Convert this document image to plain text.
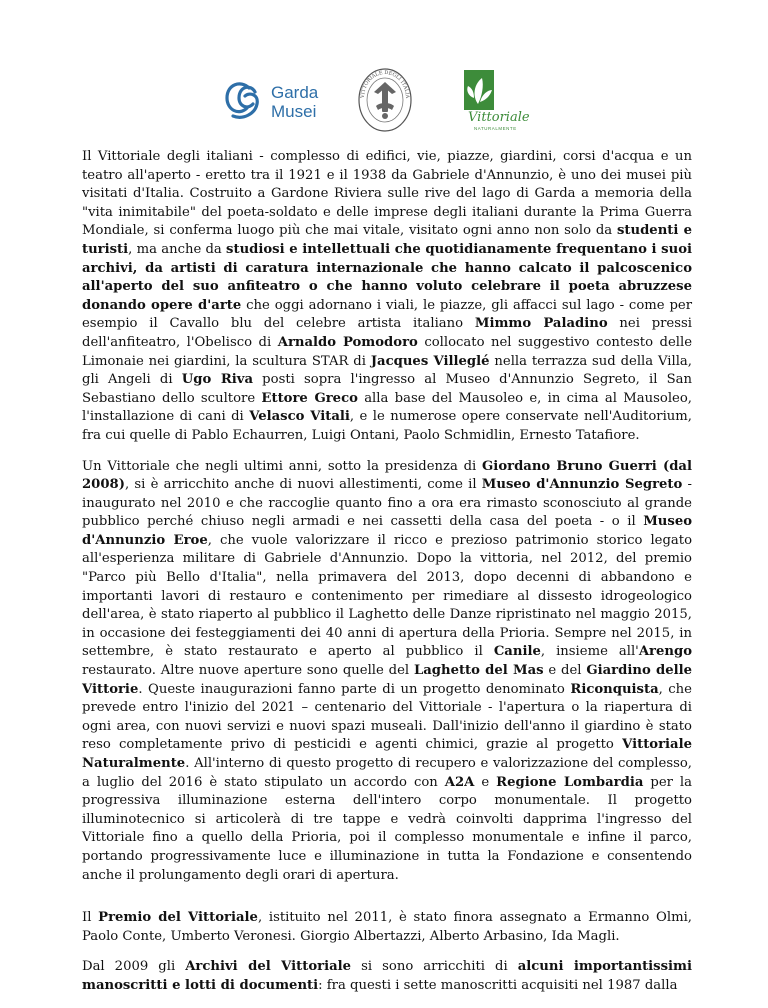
Garda
Musei
VITTORIALE DEGLI ITALIA
Vittoriale
NATURALMENTE

Il Vittoriale degli italiani - complesso di edifici, vie, piazze, giardini, corsi d'acqua e un teatro all'aperto - eretto tra il 1921 e il 1938 da Gabriele d'Annunzio, è uno dei musei più visitati d'Italia. Costruito a Gardone Riviera sulle rive del lago di Garda a memoria della "vita inimitabile" del poeta-soldato e delle imprese degli italiani durante la Prima Guerra Mondiale, si conferma luogo più che mai vitale, visitato ogni anno non solo da studenti e turisti, ma anche da studiosi e intellettuali che quotidianamente frequentano i suoi archivi, da artisti di caratura internazionale che hanno calcato il palcoscenico all'aperto del suo anfiteatro o che hanno voluto celebrare il poeta abruzzese donando opere d'arte che oggi adornano i viali, le piazze, gli affacci sul lago - come per esempio il Cavallo blu del celebre artista italiano Mimmo Paladino nei pressi dell'anfiteatro, l'Obelisco di Arnaldo Pomodoro collocato nel suggestivo contesto delle Limonaie nei giardini, la scultura STAR di Jacques Villeglé nella terrazza sud della Villa, gli Angeli di Ugo Riva posti sopra l'ingresso al Museo d'Annunzio Segreto, il San Sebastiano dello scultore Ettore Greco alla base del Mausoleo e, in cima al Mausoleo, l'installazione di cani di Velasco Vitali, e le numerose opere conservate nell'Auditorium, fra cui quelle di Pablo Echaurren, Luigi Ontani, Paolo Schmidlin, Ernesto Tatafiore.

Un Vittoriale che negli ultimi anni, sotto la presidenza di Giordano Bruno Guerri (dal 2008), si è arricchito anche di nuovi allestimenti, come il Museo d'Annunzio Segreto - inaugurato nel 2010 e che raccoglie quanto fino a ora era rimasto sconosciuto al grande pubblico perché chiuso negli armadi e nei cassetti della casa del poeta - o il Museo d'Annunzio Eroe, che vuole valorizzare il ricco e prezioso patrimonio storico legato all'esperienza militare di Gabriele d'Annunzio. Dopo la vittoria, nel 2012, del premio "Parco più Bello d'Italia", nella primavera del 2013, dopo decenni di abbandono e importanti lavori di restauro e contenimento per rimediare al dissesto idrogeologico dell'area, è stato riaperto al pubblico il Laghetto delle Danze ripristinato nel maggio 2015, in occasione dei festeggiamenti dei 40 anni di apertura della Prioria. Sempre nel 2015, in settembre, è stato restaurato e aperto al pubblico il Canile, insieme all'Arengo restaurato. Altre nuove aperture sono quelle del Laghetto del Mas e del Giardino delle Vittorie. Queste inaugurazioni fanno parte di un progetto denominato Riconquista, che prevede entro l'inizio del 2021 – centenario del Vittoriale - l'apertura o la riapertura di ogni area, con nuovi servizi e nuovi spazi museali. Dall'inizio dell'anno il giardino è stato reso completamente privo di pesticidi e agenti chimici, grazie al progetto Vittoriale Naturalmente. All'interno di questo progetto di recupero e valorizzazione del complesso, a luglio del 2016 è stato stipulato un accordo con A2A e Regione Lombardia per la progressiva illuminazione esterna dell'intero corpo monumentale. Il progetto illuminotecnico si articolerà di tre tappe e vedrà coinvolti dapprima l'ingresso del Vittoriale fino a quello della Prioria, poi il complesso monumentale e infine il parco, portando progressivamente luce e illuminazione in tutta la Fondazione e consentendo anche il prolungamento degli orari di apertura.

Il Premio del Vittoriale, istituito nel 2011, è stato finora assegnato a Ermanno Olmi, Paolo Conte, Umberto Veronesi. Giorgio Albertazzi, Alberto Arbasino, Ida Magli.

Dal 2009 gli Archivi del Vittoriale si sono arricchiti di alcuni importantissimi manoscritti e lotti di documenti: fra questi i sette manoscritti acquisiti nel 1987 dalla
